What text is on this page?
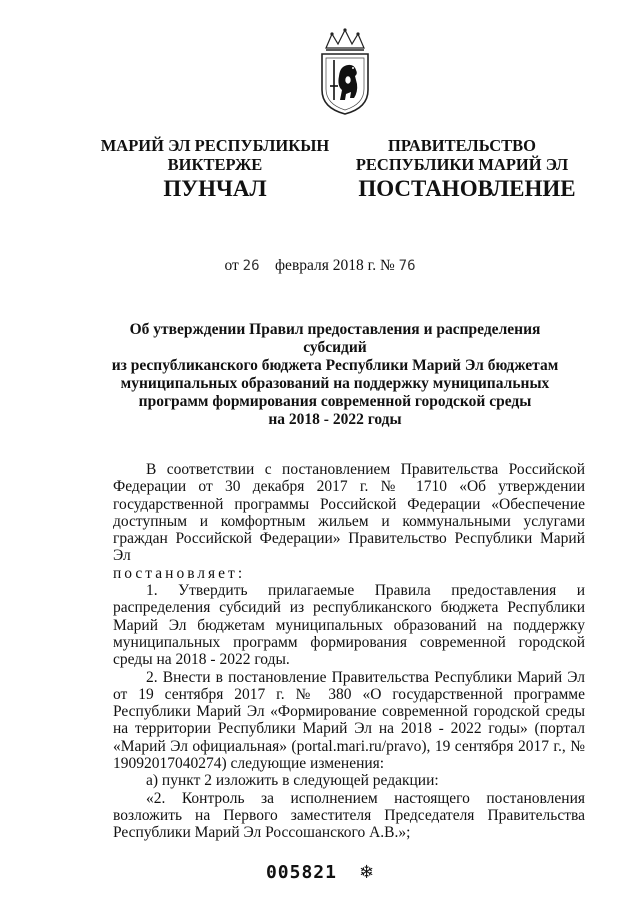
МАРИЙ ЭЛ РЕСПУБЛИКЫН
ВИКТЕРЖЕ
ПРАВИТЕЛЬСТВО
РЕСПУБЛИКИ МАРИЙ ЭЛ
ПУНЧАЛ	ПОСТАНОВЛЕНИЕ
от 26 февраля 2018 г. № 76
Об утверждении Правил предоставления и распределения субсидий
из республиканского бюджета Республики Марий Эл бюджетам
муниципальных образований на поддержку муниципальных
программ формирования современной городской среды
на 2018 - 2022 годы

В соответствии с постановлением Правительства Российской Федерации от 30 декабря 2017 г. № 1710 «Об утверждении государственной программы Российской Федерации «Обеспечение доступным и комфортным жильем и коммунальными услугами граждан Российской Федерации» Правительство Республики Марий Эл

постановляет:

1. Утвердить прилагаемые Правила предоставления и распределения субсидий из республиканского бюджета Республики Марий Эл бюджетам муниципальных образований на поддержку муниципальных программ формирования современной городской среды на 2018 - 2022 годы.

2. Внести в постановление Правительства Республики Марий Эл от 19 сентября 2017 г. № 380 «О государственной программе Республики Марий Эл «Формирование современной городской среды на территории Республики Марий Эл на 2018 - 2022 годы» (портал «Марий Эл официальная» (portal.mari.ru/pravo), 19 сентября 2017 г., № 19092017040274) следующие изменения:

а) пункт 2 изложить в следующей редакции:

«2. Контроль за исполнением настоящего постановления возложить на Первого заместителя Председателя Правительства Республики Марий Эл Россошанского А.В.»;

005821 ❄
